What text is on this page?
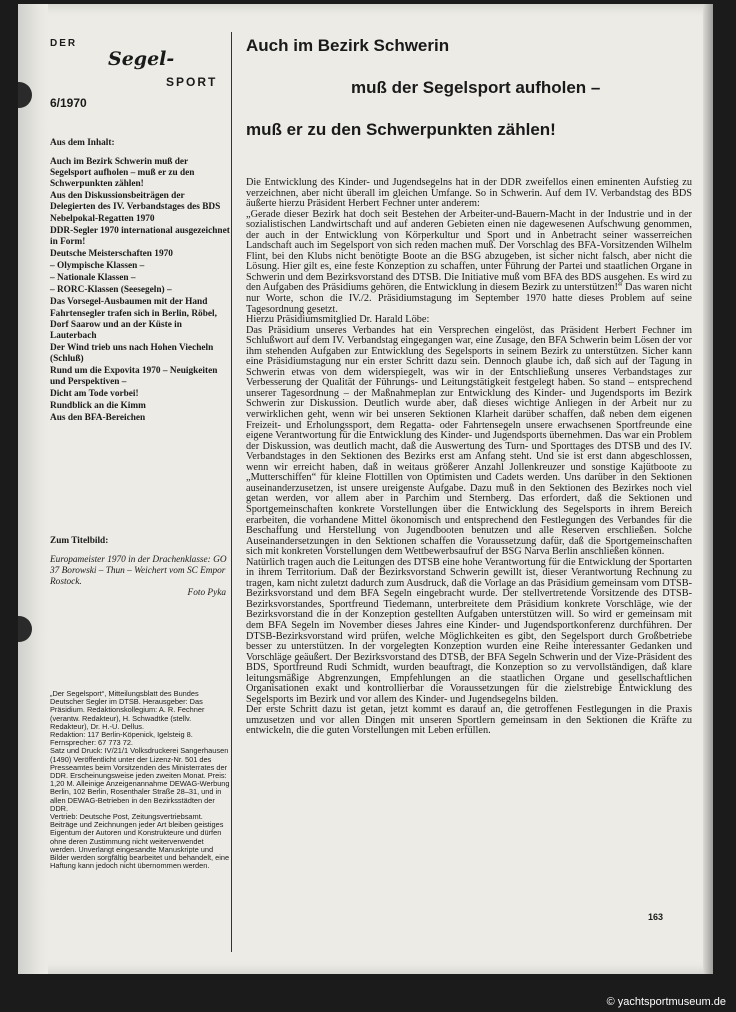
DER
Segel-
SPORT
6/1970
Aus dem Inhalt:
Auch im Bezirk Schwerin muß der Segelsport aufholen – muß er zu den Schwerpunkten zählen!
Aus den Diskussionsbeiträgen der Delegierten des IV. Verbandstages des BDS
Nebelpokal-Regatten 1970
DDR-Segler 1970 international ausgezeichnet in Form!
Deutsche Meisterschaften 1970
– Olympische Klassen –
– Nationale Klassen –
– RORC-Klassen (Seesegeln) –
Das Vorsegel-Ausbaumen mit der Hand
Fahrtensegler trafen sich in Berlin, Röbel, Dorf Saarow und an der Küste in Lauterbach
Der Wind trieb uns nach Hohen Viecheln (Schluß)
Rund um die Expovita 1970 – Neuigkeiten und Perspektiven –
Dicht am Tode vorbei!
Rundblick an die Kimm
Aus den BFA-Bereichen
Zum Titelbild:
Europameister 1970 in der Drachenklasse: GO 37 Borowski – Thun – Weichert vom SC Empor Rostock.
Foto Pyka

„Der Segelsport“, Mitteilungsblatt des Bundes Deutscher Segler im DTSB. Herausgeber: Das Präsidium. Redaktionskollegium: A. R. Fechner (verantw. Redakteur), H. Schwadtke (stellv. Redakteur), Dr. H.-U. Dellus.

Redaktion: 117 Berlin-Köpenick, Igelsteig 8. Fernsprecher: 67 773 72.

Satz und Druck: IV/21/1 Volksdruckerei Sangerhausen (1490) Veröffentlicht unter der Lizenz-Nr. 501 des Presseamtes beim Vorsitzenden des Ministerrates der DDR. Erscheinungsweise jeden zweiten Monat. Preis: 1,20 M. Alleinige Anzeigenannahme DEWAG-Werbung Berlin, 102 Berlin, Rosenthaler Straße 28–31, und in allen DEWAG-Betrieben in den Bezirksstädten der DDR.

Vertrieb: Deutsche Post, Zeitungsvertriebsamt.

Beiträge und Zeichnungen jeder Art bleiben geistiges Eigentum der Autoren und Konstrukteure und dürfen ohne deren Zustimmung nicht weiterverwendet werden. Unverlangt eingesandte Manuskripte und Bilder werden sorgfältig bearbeitet und behandelt, eine Haftung kann jedoch nicht übernommen werden.

Auch im Bezirk Schwerin
muß der Segelsport aufholen –
muß er zu den Schwerpunkten zählen!

Die Entwicklung des Kinder- und Jugendsegelns hat in der DDR zweifellos einen eminenten Aufstieg zu verzeichnen, aber nicht überall im gleichen Umfange. So in Schwerin. Auf dem IV. Verbandstag des BDS äußerte hierzu Präsident Herbert Fechner unter anderem:

„Gerade dieser Bezirk hat doch seit Bestehen der Arbeiter-und-Bauern-Macht in der Industrie und in der sozialistischen Landwirtschaft und auf anderen Gebieten einen nie dagewesenen Aufschwung genommen, der auch in der Entwicklung von Körperkultur und Sport und in Anbetracht seiner wasserreichen Landschaft auch im Segelsport von sich reden machen muß. Der Vorschlag des BFA-Vorsitzenden Wilhelm Flint, bei den Klubs nicht benötigte Boote an die BSG abzugeben, ist sicher nicht falsch, aber nicht die Lösung. Hier gilt es, eine feste Konzeption zu schaffen, unter Führung der Partei und staatlichen Organe in Schwerin und dem Bezirksvorstand des DTSB. Die Initiative muß vom BFA des BDS ausgehen. Es wird zu den Aufgaben des Präsidiums gehören, die Entwicklung in diesem Bezirk zu unterstützen!“ Das waren nicht nur Worte, schon die IV./2. Präsidiumstagung im September 1970 hatte dieses Problem auf seine Tagesordnung gesetzt.

Hierzu Präsidiumsmitglied Dr. Harald Löbe:

Das Präsidium unseres Verbandes hat ein Versprechen eingelöst, das Präsident Herbert Fechner im Schlußwort auf dem IV. Verbandstag eingegangen war, eine Zusage, den BFA Schwerin beim Lösen der vor ihm stehenden Aufgaben zur Entwicklung des Segelsports in seinem Bezirk zu unterstützen. Sicher kann eine Präsidiumstagung nur ein erster Schritt dazu sein. Dennoch glaube ich, daß sich auf der Tagung in Schwerin etwas von dem widerspiegelt, was wir in der Entschließung unseres Verbandstages zur Verbesserung der Qualität der Führungs- und Leitungstätigkeit festgelegt haben. So stand – entsprechend unserer Tagesordnung – der Maßnahmeplan zur Entwicklung des Kinder- und Jugendsports im Bezirk Schwerin zur Diskussion. Deutlich wurde aber, daß dieses wichtige Anliegen in der Arbeit nur zu verwirklichen geht, wenn wir bei unseren Sektionen Klarheit darüber schaffen, daß neben dem eigenen Freizeit- und Erholungssport, dem Regatta- oder Fahrtensegeln unsere erwachsenen Sportfreunde eine eigene Verantwortung für die Entwicklung des Kinder- und Jugendsports übernehmen. Das war ein Problem der Diskussion, was deutlich macht, daß die Auswertung des Turn- und Sporttages des DTSB und des IV. Verbandstages in den Sektionen des Bezirks erst am Anfang steht. Und sie ist erst dann abgeschlossen, wenn wir erreicht haben, daß in weitaus größerer Anzahl Jollenkreuzer und sonstige Kajütboote zu „Mutterschiffen“ für kleine Flottillen von Optimisten und Cadets werden. Uns darüber in den Sektionen auseinanderzusetzen, ist unsere ureigenste Aufgabe. Dazu muß in den Sektionen des Bezirkes noch viel getan werden, vor allem aber in Parchim und Sternberg. Das erfordert, daß die Sektionen und Sportgemeinschaften konkrete Vorstellungen über die Entwicklung des Segelsports in ihrem Bereich erarbeiten, die vorhandene Mittel ökonomisch und entsprechend den Festlegungen des Verbandes für die Beschaffung und Herstellung von Jugendbooten benutzen und alle Reserven erschließen. Solche Auseinandersetzungen in den Sektionen schaffen die Voraussetzung dafür, daß die Sportgemeinschaften sich mit konkreten Vorstellungen dem Wettbewerbsaufruf der BSG Narva Berlin anschließen können.

Natürlich tragen auch die Leitungen des DTSB eine hohe Verantwortung für die Entwicklung der Sportarten in ihrem Territorium. Daß der Bezirksvorstand Schwerin gewillt ist, dieser Verantwortung Rechnung zu tragen, kam nicht zuletzt dadurch zum Ausdruck, daß die Vorlage an das Präsidium gemeinsam vom DTSB-Bezirksvorstand und dem BFA Segeln eingebracht wurde. Der stellvertretende Vorsitzende des DTSB-Bezirksvorstandes, Sportfreund Tiedemann, unterbreitete dem Präsidium konkrete Vorschläge, wie der Bezirksvorstand die in der Konzeption gestellten Aufgaben unterstützen will. So wird er gemeinsam mit dem BFA Segeln im November dieses Jahres eine Kinder- und Jugendsportkonferenz durchführen. Der DTSB-Bezirksvorstand wird prüfen, welche Möglichkeiten es gibt, den Segelsport durch Großbetriebe besser zu unterstützen. In der vorgelegten Konzeption wurden eine Reihe interessanter Gedanken und Vorschläge geäußert. Der Bezirksvorstand des DTSB, der BFA Segeln Schwerin und der Vize-Präsident des BDS, Sportfreund Rudi Schmidt, wurden beauftragt, die Konzeption so zu vervollständigen, daß klare leitungsmäßige Abgrenzungen, Empfehlungen an die staatlichen Organe und gesellschaftlichen Organisationen exakt und kontrollierbar die Voraussetzungen für die zielstrebige Entwicklung des Segelsports im Bezirk und vor allem des Kinder- und Jugendsegelns bilden.

Der erste Schritt dazu ist getan, jetzt kommt es darauf an, die getroffenen Festlegungen in die Praxis umzusetzen und vor allen Dingen mit unseren Sportlern gemeinsam in den Sektionen die Kräfte zu entwickeln, die die guten Vorstellungen mit Leben erfüllen.

163
© yachtsportmuseum.de
